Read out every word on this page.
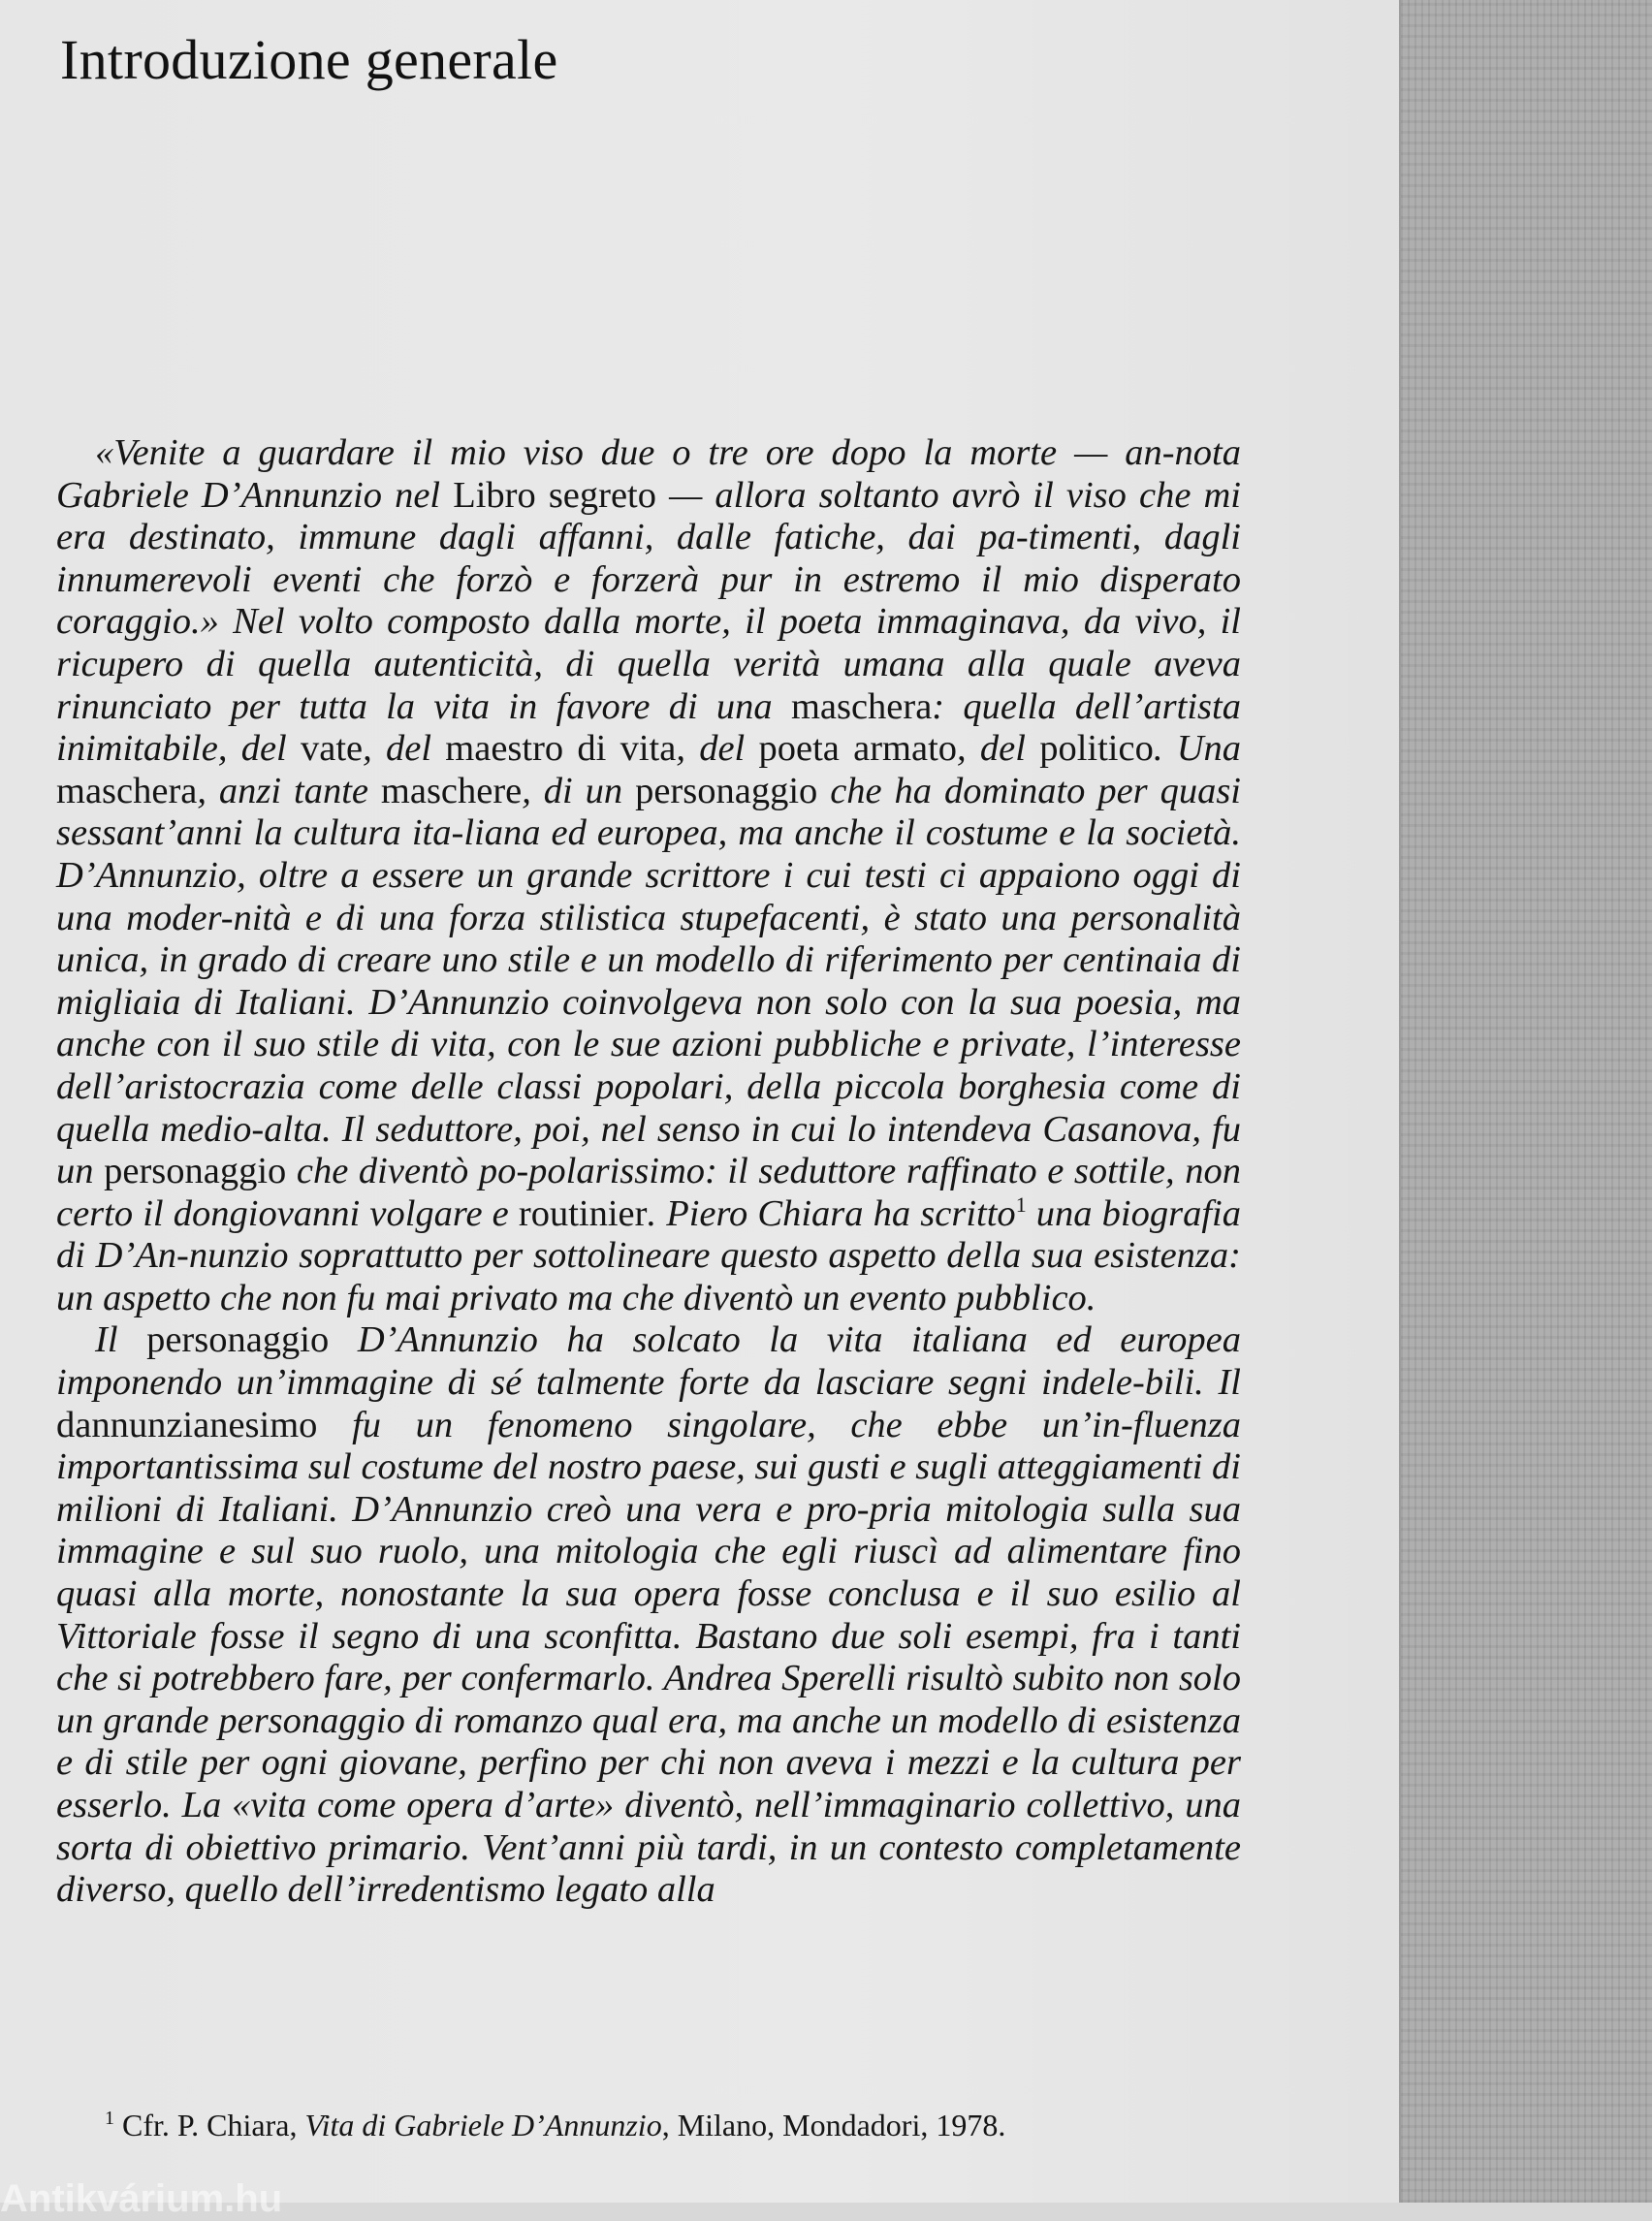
Introduzione generale

«Venite a guardare il mio viso due o tre ore dopo la morte — an-nota Gabriele D’Annunzio nel Libro segreto — allora soltanto avrò il viso che mi era destinato, immune dagli affanni, dalle fatiche, dai pa-timenti, dagli innumerevoli eventi che forzò e forzerà pur in estremo il mio disperato coraggio.» Nel volto composto dalla morte, il poeta immaginava, da vivo, il ricupero di quella autenticità, di quella verità umana alla quale aveva rinunciato per tutta la vita in favore di una maschera: quella dell’artista inimitabile, del vate, del maestro di vita, del poeta armato, del politico. Una maschera, anzi tante maschere, di un personaggio che ha dominato per quasi sessant’anni la cultura ita-liana ed europea, ma anche il costume e la società. D’Annunzio, oltre a essere un grande scrittore i cui testi ci appaiono oggi di una moder-nità e di una forza stilistica stupefacenti, è stato una personalità unica, in grado di creare uno stile e un modello di riferimento per centinaia di migliaia di Italiani. D’Annunzio coinvolgeva non solo con la sua poesia, ma anche con il suo stile di vita, con le sue azioni pubbliche e private, l’interesse dell’aristocrazia come delle classi popolari, della piccola borghesia come di quella medio-alta. Il seduttore, poi, nel senso in cui lo intendeva Casanova, fu un personaggio che diventò po-polarissimo: il seduttore raffinato e sottile, non certo il dongiovanni volgare e routinier. Piero Chiara ha scritto$^1$ una biografia di D’An-nunzio soprattutto per sottolineare questo aspetto della sua esistenza: un aspetto che non fu mai privato ma che diventò un evento pubblico.

Il personaggio D’Annunzio ha solcato la vita italiana ed europea imponendo un’immagine di sé talmente forte da lasciare segni indele-bili. Il dannunzianesimo fu un fenomeno singolare, che ebbe un’in-fluenza importantissima sul costume del nostro paese, sui gusti e sugli atteggiamenti di milioni di Italiani. D’Annunzio creò una vera e pro-pria mitologia sulla sua immagine e sul suo ruolo, una mitologia che egli riuscì ad alimentare fino quasi alla morte, nonostante la sua opera fosse conclusa e il suo esilio al Vittoriale fosse il segno di una sconfitta. Bastano due soli esempi, fra i tanti che si potrebbero fare, per confermarlo. Andrea Sperelli risultò subito non solo un grande personaggio di romanzo qual era, ma anche un modello di esistenza e di stile per ogni giovane, perfino per chi non aveva i mezzi e la cultura per esserlo. La «vita come opera d’arte» diventò, nell’immaginario collettivo, una sorta di obiettivo primario. Vent’anni più tardi, in un contesto completamente diverso, quello dell’irredentismo legato alla

$^1$ Cfr. P. Chiara, Vita di Gabriele D’Annunzio, Milano, Mondadori, 1978.

Antikvárium.hu
